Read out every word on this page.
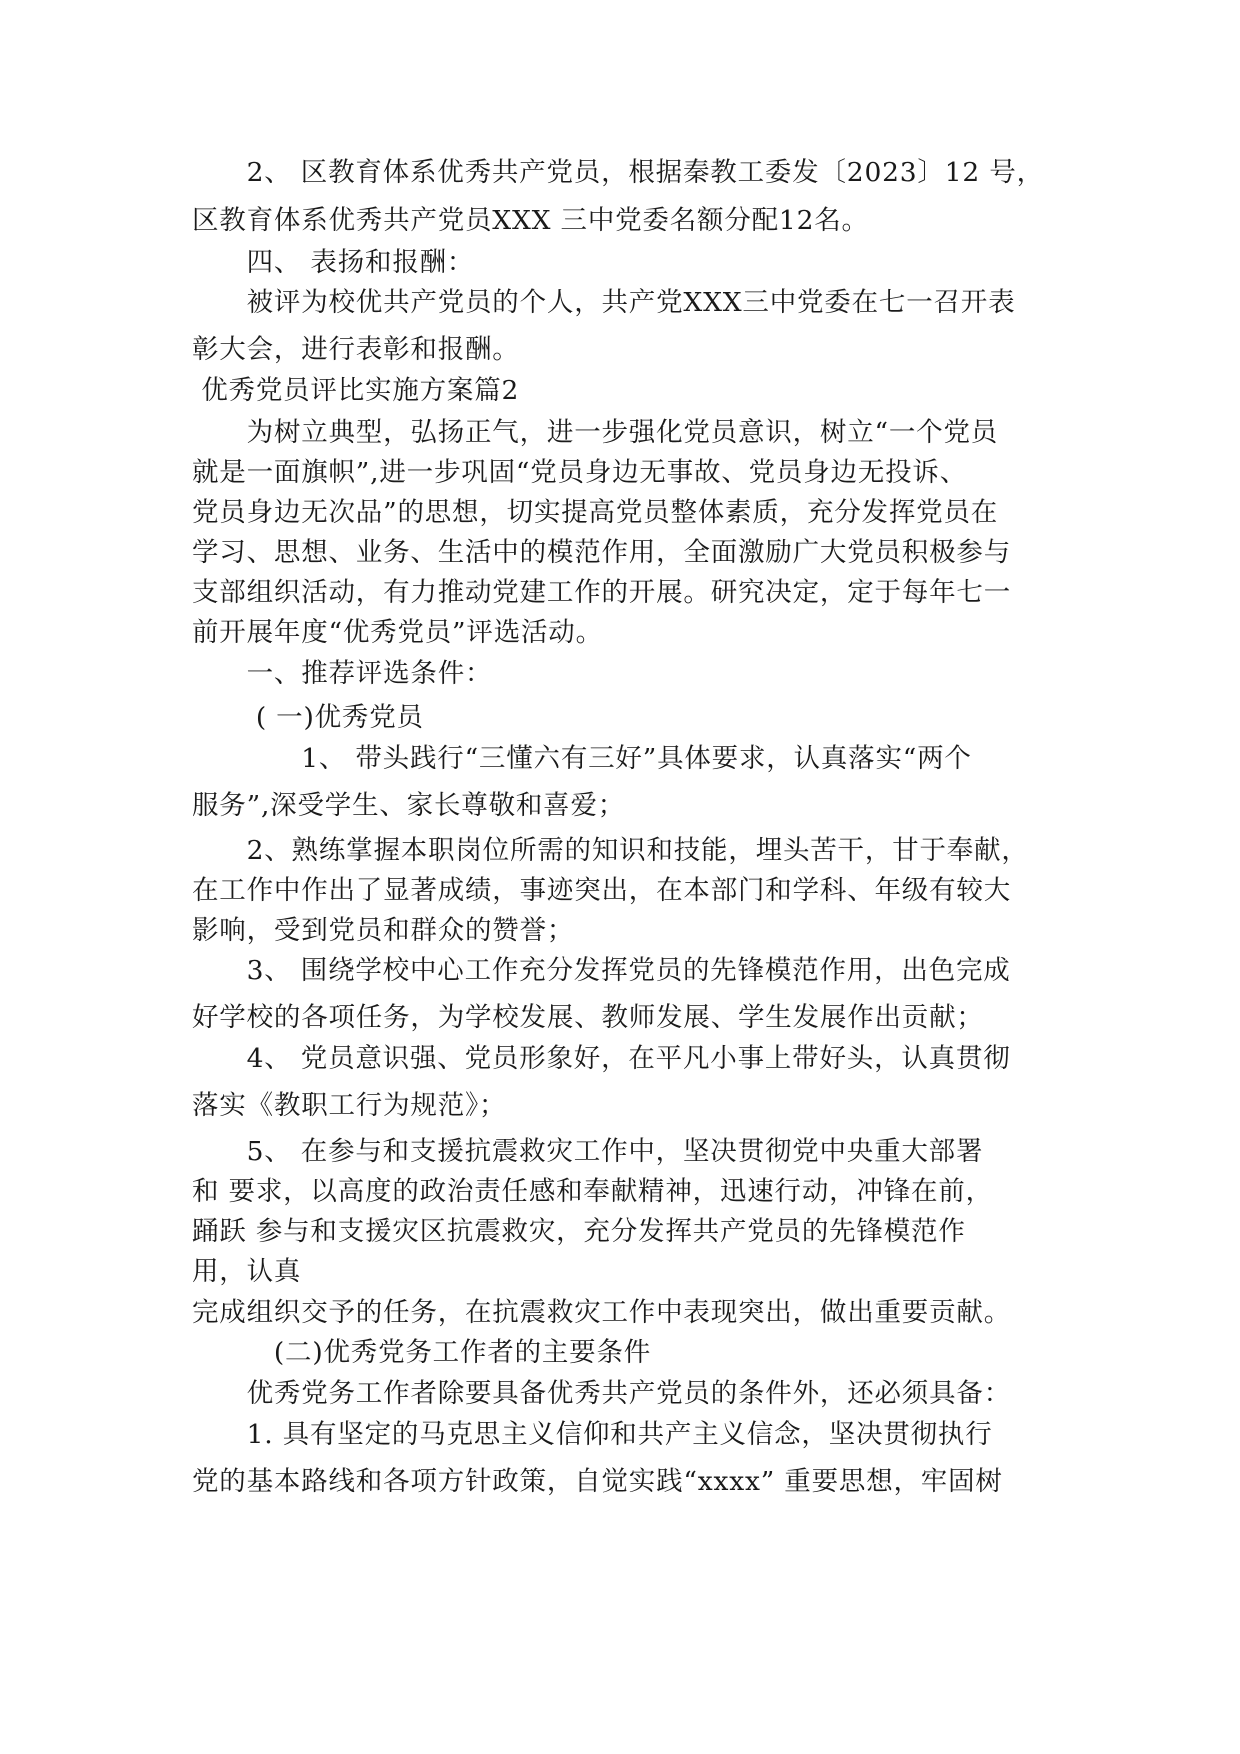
　　2、 区教育体系优秀共产党员，根据秦教工委发〔2023〕12 号，
区教育体系优秀共产党员XXX 三中党委名额分配12名。
　　四、 表扬和报酬：
　　被评为校优共产党员的个人，共产党XXX三中党委在七一召开表
彰大会，进行表彰和报酬。
优秀党员评比实施方案篇2
　　为树立典型，弘扬正气，进一步强化党员意识，树立“一个党员
就是一面旗帜”,进一步巩固“党员身边无事故、党员身边无投诉、
党员身边无次品”的思想，切实提高党员整体素质，充分发挥党员在
学习、思想、业务、生活中的模范作用，全面激励广大党员积极参与
支部组织活动，有力推动党建工作的开展。研究决定，定于每年七一
前开展年度“优秀党员”评选活动。
　　一、推荐评选条件：
　　 ( 一)优秀党员
　　　　1、 带头践行“三懂六有三好”具体要求，认真落实“两个
服务”,深受学生、家长尊敬和喜爱；
　　2、熟练掌握本职岗位所需的知识和技能，埋头苦干，甘于奉献，
在工作中作出了显著成绩，事迹突出，在本部门和学科、年级有较大
影响，受到党员和群众的赞誉；
　　3、 围绕学校中心工作充分发挥党员的先锋模范作用，出色完成
好学校的各项任务，为学校发展、教师发展、学生发展作出贡献；
　　4、 党员意识强、党员形象好，在平凡小事上带好头，认真贯彻
落实《教职工行为规范》；
　　5、 在参与和支援抗震救灾工作中，坚决贯彻党中央重大部署
和 要求，以高度的政治责任感和奉献精神，迅速行动，冲锋在前，
踊跃 参与和支援灾区抗震救灾，充分发挥共产党员的先锋模范作
用，认真
完成组织交予的任务，在抗震救灾工作中表现突出，做出重要贡献。
　　　(二)优秀党务工作者的主要条件
　　优秀党务工作者除要具备优秀共产党员的条件外，还必须具备：
　　1. 具有坚定的马克思主义信仰和共产主义信念，坚决贯彻执行
党的基本路线和各项方针政策，自觉实践“xxxx” 重要思想，牢固树
